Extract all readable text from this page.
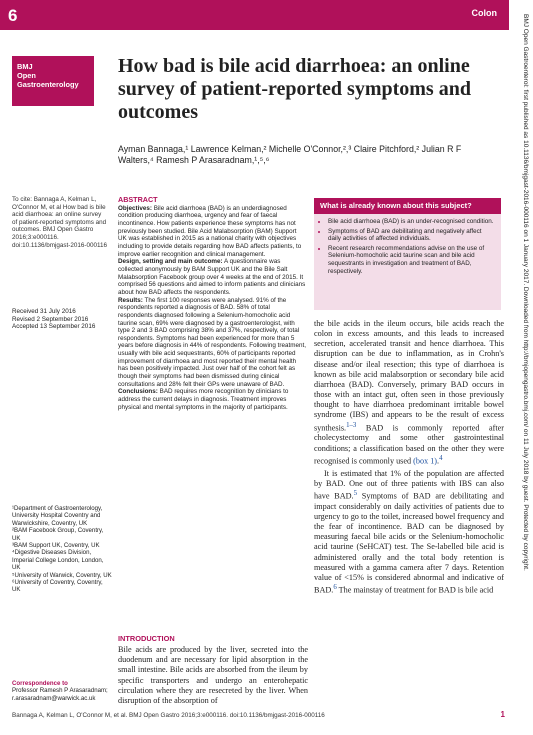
6	Colon
BMJ
Open
Gastroenterology
How bad is bile acid diarrhoea: an online survey of patient-reported symptoms and outcomes
Ayman Bannaga,¹ Lawrence Kelman,² Michelle O'Connor,²,³ Claire Pitchford,² Julian R F Walters,⁴ Ramesh P Arasaradnam,¹,⁵,⁶
To cite: Bannaga A, Kelman L, O'Connor M, et al How bad is bile acid diarrhoea: an online survey of patient-reported symptoms and outcomes. BMJ Open Gastro 2016;3:e000116. doi:10.1136/bmjgast-2016-000116
Received 31 July 2016
Revised 2 September 2016
Accepted 13 September 2016
¹Department of Gastroenterology, University Hospital Coventry and Warwickshire, Coventry, UK
²BAM Facebook Group, Coventry, UK
³BAM Support UK, Coventry, UK
⁴Digestive Diseases Division, Imperial College London, London, UK
⁵University of Warwick, Coventry, UK
⁶University of Coventry, Coventry, UK
Correspondence to
Professor Ramesh P Arasaradnam; r.arasaradnam@warwick.ac.uk
ABSTRACT
Objectives: Bile acid diarrhoea (BAD) is an underdiagnosed condition producing diarrhoea, urgency and fear of faecal incontinence. How patients experience these symptoms has not previously been studied. Bile Acid Malabsorption (BAM) Support UK was established in 2015 as a national charity with objectives including to provide details regarding how BAD affects patients, to improve earlier recognition and clinical management.
Design, setting and main outcome: A questionnaire was collected anonymously by BAM Support UK and the Bile Salt Malabsorption Facebook group over 4 weeks at the end of 2015. It comprised 56 questions and aimed to inform patients and clinicians about how BAD affects the respondents.
Results: The first 100 responses were analysed. 91% of the respondents reported a diagnosis of BAD. 58% of total respondents diagnosed following a Selenium-homocholic acid taurine scan, 69% were diagnosed by a gastroenterologist, with type 2 and 3 BAD comprising 38% and 37%, respectively, of total respondents. Symptoms had been experienced for more than 5 years before diagnosis in 44% of respondents. Following treatment, usually with bile acid sequestrants, 60% of participants reported improvement of diarrhoea and most reported their mental health has been positively impacted. Just over half of the cohort felt as though their symptoms had been dismissed during clinical consultations and 28% felt their GPs were unaware of BAD.
Conclusions: BAD requires more recognition by clinicians to address the current delays in diagnosis. Treatment improves physical and mental symptoms in the majority of participants.
What is already known about this subject?
• Bile acid diarrhoea (BAD) is an under-recognised condition.
• Symptoms of BAD are debilitating and negatively affect daily activities of affected individuals.
• Recent research recommendations advise on the use of Selenium-homocholic acid taurine scan and bile acid sequestrants in investigation and treatment of BAD, respectively.
INTRODUCTION
Bile acids are produced by the liver, secreted into the duodenum and are necessary for lipid absorption in the small intestine. Bile acids are absorbed from the ileum by specific transporters and undergo an enterohepatic circulation where they are resecreted by the liver. When disruption of the absorption of

the bile acids in the ileum occurs, bile acids reach the colon in excess amounts, and this leads to increased secretion, accelerated transit and hence diarrhoea. This disruption can be due to inflammation, as in Crohn's disease and/or ileal resection; this type of diarrhoea is known as bile acid malabsorption or secondary bile acid diarrhoea (BAD). Conversely, primary BAD occurs in those with an intact gut, often seen in those previously thought to have diarrhoea predominant irritable bowel syndrome (IBS) and appears to be the result of excess synthesis.$^{1-3}$ BAD is commonly reported after cholecystectomy and some other gastrointestinal conditions; a classification based on the other they were recognised is commonly used (box 1).$^4$

It is estimated that 1% of the population are affected by BAD. One out of three patients with IBS can also have BAD.$^5$ Symptoms of BAD are debilitating and impact considerably on daily activities of patients due to urgency to go to the toilet, increased bowel frequency and the fear of incontinence. BAD can be diagnosed by measuring faecal bile acids or the Selenium-homocholic acid taurine (SeHCAT) test. The Se-labelled bile acid is administered orally and the total body retention is measured with a gamma camera after 7 days. Retention value of <15% is considered abnormal and indicative of BAD.$^6$ The mainstay of treatment for BAD is bile acid

Bannaga A, Kelman L, O'Connor M, et al. BMJ Open Gastro 2016;3:e000116. doi:10.1136/bmjgast-2016-000116	1
BMJ Open Gastroenterol: first published as 10.1136/bmjgast-2016-000116 on 1 January 2017. Downloaded from http://bmjopengastro.bmj.com/ on 11 July 2018 by guest. Protected by copyright.
